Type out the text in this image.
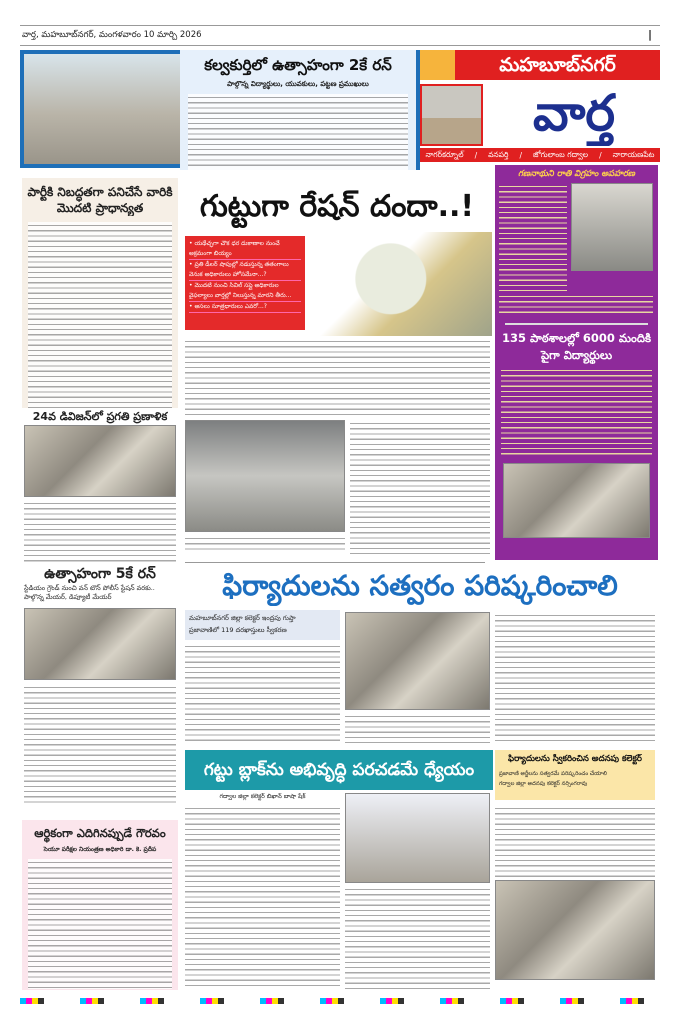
వార్త, మహబూబ్‌నగర్, మంగళవారం 10 మార్చి 2026	|
కల్వకుర్తిలో ఉత్సాహంగా 2కే రన్
పాల్గొన్న విద్యార్థులు, యువకులు, పట్టణ ప్రముఖులు
మహబూబ్‌నగర్
వార్త
నాగర్‌కర్నూల్ / వనపర్తి / జోగులాంబ గద్వాల / నారాయణపేట
పార్టీకి నిబద్ధతగా పనిచేసే వారికి మొదటి ప్రాధాన్యత
24వ డివిజన్‌లో ప్రగతి ప్రణాళిక
ఉత్సాహంగా 5కే రన్
స్టేడియం గ్రౌండ్ నుంచి వన్ టౌన్ పోలీస్ స్టేషన్ వరకు.. పాల్గొన్న మేయర్, డిప్యూటీ మేయర్
ఆర్థికంగా ఎదిగినప్పుడే గౌరవం
సెయూ పరీక్షల నియంత్రణ అధికారి డా. కె. ప్రదీప
గుట్టుగా రేషన్ దందా..!
• యథేచ్ఛగా చౌక ధర దుకాణాల నుంచే అక్రమంగా బియ్యం
• ప్రతి డీలర్ షాపుల్లో నడుస్తున్న తతంగాలు వెనుక అధికారులు హోసమేనా...?
• మొదటి నుంచి సివిల్ సప్లై అధికారుల వైఫల్యాలు వార్తల్లో నిలుస్తున్న మారని తీరు...
• అసలు సూత్రధారులు ఎవరో...?
గణనాథుని రాతి విగ్రహం అపహరణ
135 పాఠశాలల్లో 6000 మందికి పైగా విద్యార్థులు
ఫిర్యాదులను సత్వరం పరిష్కరించాలి
మహబూబ్‌నగర్ జిల్లా కలెక్టర్ ఇంద్రపు గుప్తా
ప్రజావాణిలో 119 దరఖాస్తులు స్వీకరణ
గట్టు బ్లాక్‌ను అభివృద్ధి పరచడమే ధ్యేయం
గద్వాల జిల్లా కలెక్టర్ బిఖాన్ బాషా షేక్
ఫిర్యాదులను స్వీకరించిన అదనపు కలెక్టర్
ప్రజావాణి అర్జీలను సత్వరమే పరిష్కరించం చేయాలి
గద్వాల జిల్లా అదనపు కలెక్టర్ నర్సింగరావు
